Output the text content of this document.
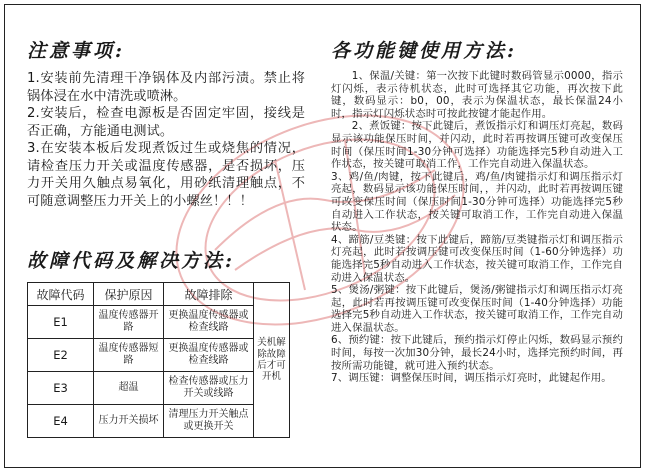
注意事项:

1.安装前先清理干净锅体及内部污渍。禁止将锅体浸在水中清洗或喷淋。

2.安装后，检查电源板是否固定牢固，接线是否正确，方能通电测试。

3.在安装本板后发现煮饭过生或烧焦的情况，请检查压力开关或温度传感器，是否损坏，压力开关用久触点易氧化，用砂纸清理触点，不可随意调整压力开关上的小螺丝！！！

故障代码及解决方法:
故障代码	保护原因	故障排除	关机解除故障后才可开机
E1	温度传感器开路	更换温度传感器或检查线路	
E2	温度传感器短路	更换温度传感器或检查线路	
E3	超温	检查传感器或压力开关或线路	
E4	压力开关损坏	清理压力开关触点或更换开关	
各功能键使用方法:

1、保温/关键：第一次按下此键时数码管显示0000，指示灯闪烁，表示待机状态，此时可选择其它功能，再次按下此键，数码显示：b0，00，表示为保温状态，最长保温24小时，指示灯闪烁状态时可按此按键才能起作用。

2、煮饭键：按下此键后，煮饭指示灯和调压灯亮起，数码显示该功能保压时间，并闪动，此时若再按调压键可改变保压时间（保压时间1-30分钟可选择）功能选择完5秒自动进入工作状态，按关键可取消工作，工作完自动进入保温状态。

3、鸡/鱼/肉键，按下此键后，鸡/鱼/肉键指示灯和调压指示灯亮起，数码显示该功能保压时间，，并闪动，此时若再按调压键可改变保压时间（保压时间1-30分钟可选择）功能选择完5秒自动进入工作状态，按关键可取消工作，工作完自动进入保温状态。

4、蹄筋/豆类键：按下此键后，蹄筋/豆类键指示灯和调压指示灯亮起，此时若按调压键可改变保压时间（1-60分钟选择）功能选择完5秒自动进入工作状态，按关键可取消工作，工作完自动进入保温状态。

5、煲汤/粥键：按下此键后，煲汤/粥键指示灯和调压指示灯亮起，此时若再按调压键可改变保压时间（1-40分钟选择）功能选择完5秒自动进入工作状态，按关键可取消工作，工作完自动进入保温状态。

6、预约键：按下此键后，预约指示灯停止闪烁，数码显示预约时间，每按一次加30分钟，最长24小时，选择完预约时间，再按所需功能键，就可进入预约状态。

7、调压键：调整保压时间，调压指示灯亮时，此键起作用。
